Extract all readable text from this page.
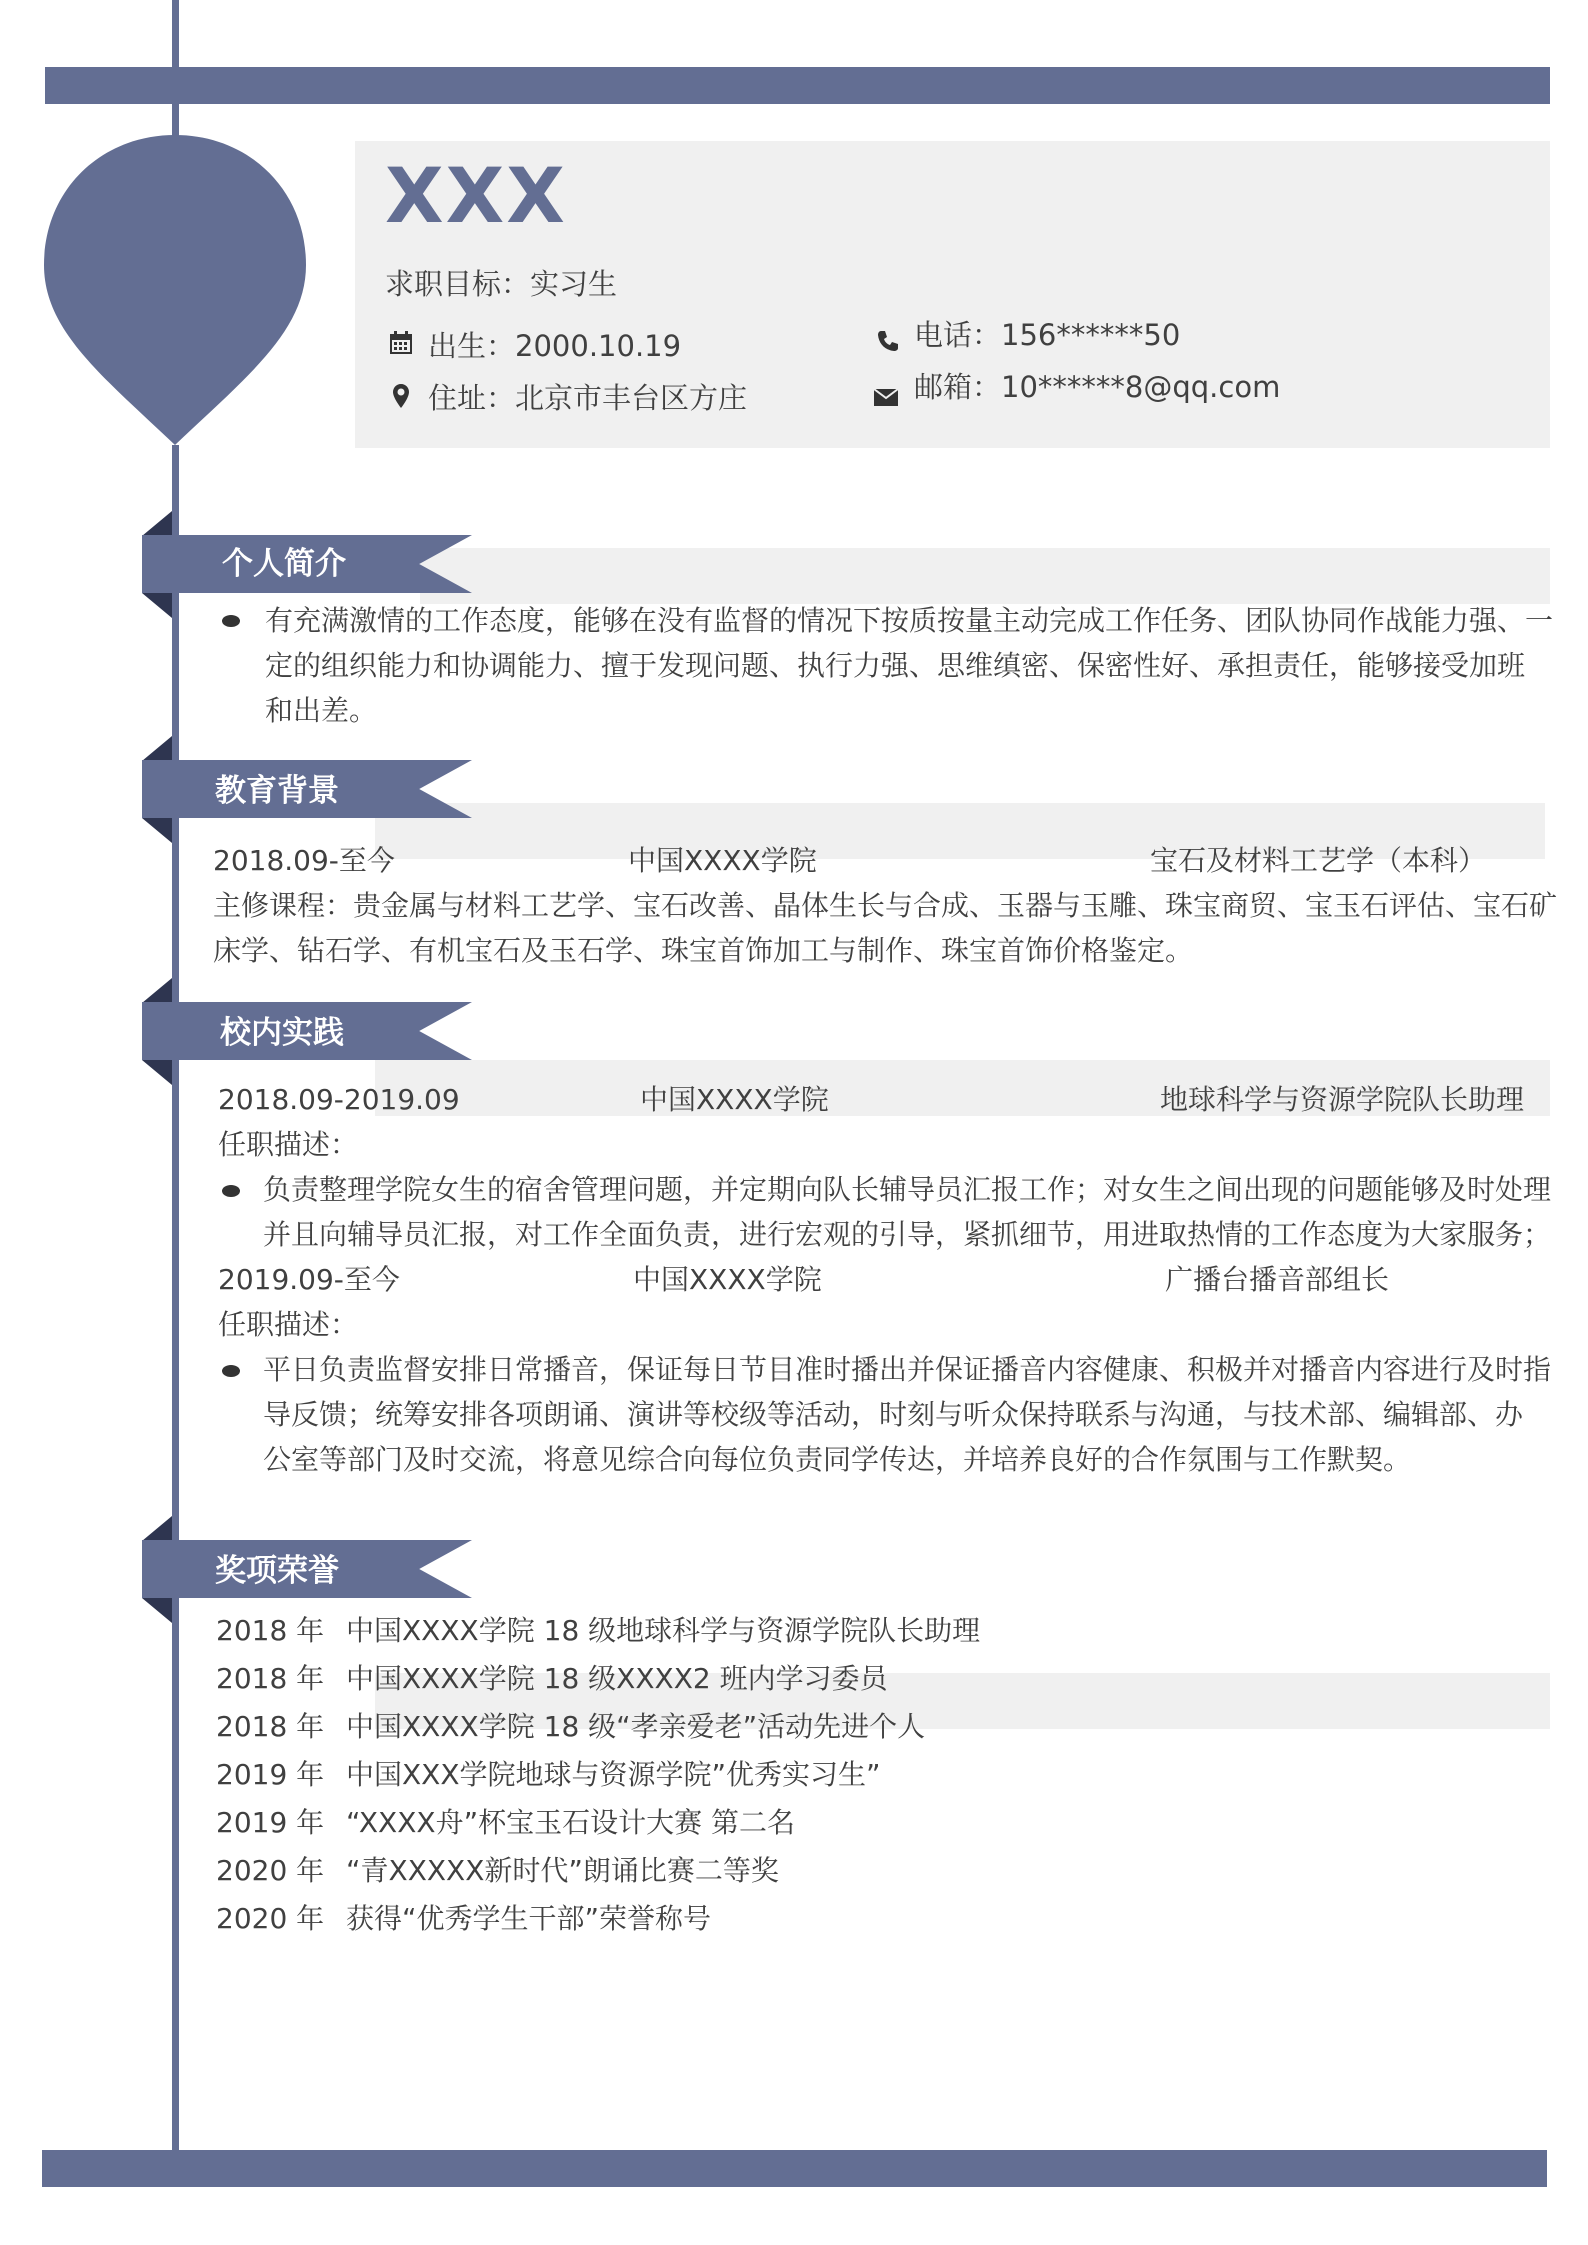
XXX
求职目标：实习生
出生：2000.10.19
住址：北京市丰台区方庄
电话：156******50
邮箱：10******8@qq.com
个人简介
有充满激情的工作态度，能够在没有监督的情况下按质按量主动完成工作任务、团队协同作战能力强、一
定的组织能力和协调能力、擅于发现问题、执行力强、思维缜密、保密性好、承担责任，能够接受加班
和出差。
教育背景
2018.09-至今	中国XXXX学院	宝石及材料工艺学（本科）
主修课程：贵金属与材料工艺学、宝石改善、晶体生长与合成、玉器与玉雕、珠宝商贸、宝玉石评估、宝石矿
床学、钻石学、有机宝石及玉石学、珠宝首饰加工与制作、珠宝首饰价格鉴定。
校内实践
2018.09-2019.09	中国XXXX学院	地球科学与资源学院队长助理
任职描述：
负责整理学院女生的宿舍管理问题，并定期向队长辅导员汇报工作；对女生之间出现的问题能够及时处理
并且向辅导员汇报，对工作全面负责，进行宏观的引导，紧抓细节，用进取热情的工作态度为大家服务；
2019.09-至今	中国XXXX学院	广播台播音部组长
任职描述：
平日负责监督安排日常播音，保证每日节目准时播出并保证播音内容健康、积极并对播音内容进行及时指
导反馈；统筹安排各项朗诵、演讲等校级等活动，时刻与听众保持联系与沟通，与技术部、编辑部、办
公室等部门及时交流，将意见综合向每位负责同学传达，并培养良好的合作氛围与工作默契。
奖项荣誉
2018 年 中国XXXX学院 18 级地球科学与资源学院队长助理
2018 年 中国XXXX学院 18 级XXXX2 班内学习委员
2018 年 中国XXXX学院 18 级“孝亲爱老”活动先进个人
2019 年 中国XXX学院地球与资源学院”优秀实习生”
2019 年 “XXXX舟”杯宝玉石设计大赛 第二名
2020 年 “青XXXXX新时代”朗诵比赛二等奖
2020 年 获得“优秀学生干部”荣誉称号
